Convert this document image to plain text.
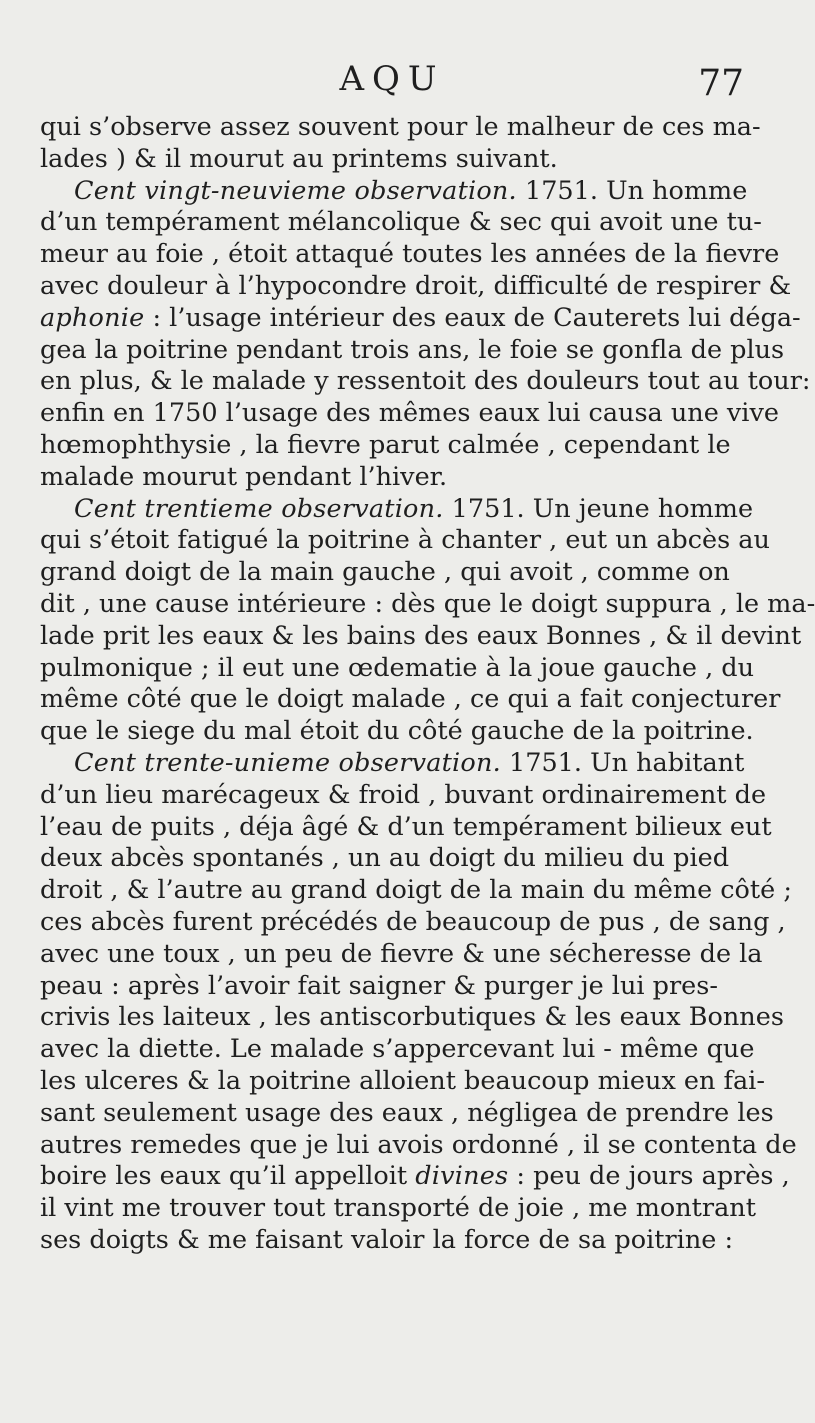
AQU	77
qui s’observe assez souvent pour le malheur de ces ma-
lades ) & il mourut au printems suivant.
Cent vingt-neuvieme observation. 1751. Un homme
d’un tempérament mélancolique & sec qui avoit une tu-
meur au foie , étoit attaqué toutes les années de la fievre
avec douleur à l’hypocondre droit, difficulté de respirer &
aphonie : l’usage intérieur des eaux de Cauterets lui déga-
gea la poitrine pendant trois ans, le foie se gonfla de plus
en plus, & le malade y ressentoit des douleurs tout au tour:
enfin en 1750 l’usage des mêmes eaux lui causa une vive
hœmophthysie , la fievre parut calmée , cependant le
malade mourut pendant l’hiver.
Cent trentieme observation. 1751. Un jeune homme
qui s’étoit fatigué la poitrine à chanter , eut un abcès au
grand doigt de la main gauche , qui avoit , comme on
dit , une cause intérieure : dès que le doigt suppura , le ma-
lade prit les eaux & les bains des eaux Bonnes , & il devint
pulmonique ; il eut une œdematie à la joue gauche , du
même côté que le doigt malade , ce qui a fait conjecturer
que le siege du mal étoit du côté gauche de la poitrine.
Cent trente-unieme observation. 1751. Un habitant
d’un lieu marécageux & froid , buvant ordinairement de
l’eau de puits , déja âgé & d’un tempérament bilieux eut
deux abcès spontanés , un au doigt du milieu du pied
droit , & l’autre au grand doigt de la main du même côté ;
ces abcès furent précédés de beaucoup de pus , de sang ,
avec une toux , un peu de fievre & une sécheresse de la
peau : après l’avoir fait saigner & purger je lui pres-
crivis les laiteux , les antiscorbutiques & les eaux Bonnes
avec la diette. Le malade s’appercevant lui - même que
les ulceres & la poitrine alloient beaucoup mieux en fai-
sant seulement usage des eaux , négligea de prendre les
autres remedes que je lui avois ordonné , il se contenta de
boire les eaux qu’il appelloit divines : peu de jours après ,
il vint me trouver tout transporté de joie , me montrant
ses doigts & me faisant valoir la force de sa poitrine :
